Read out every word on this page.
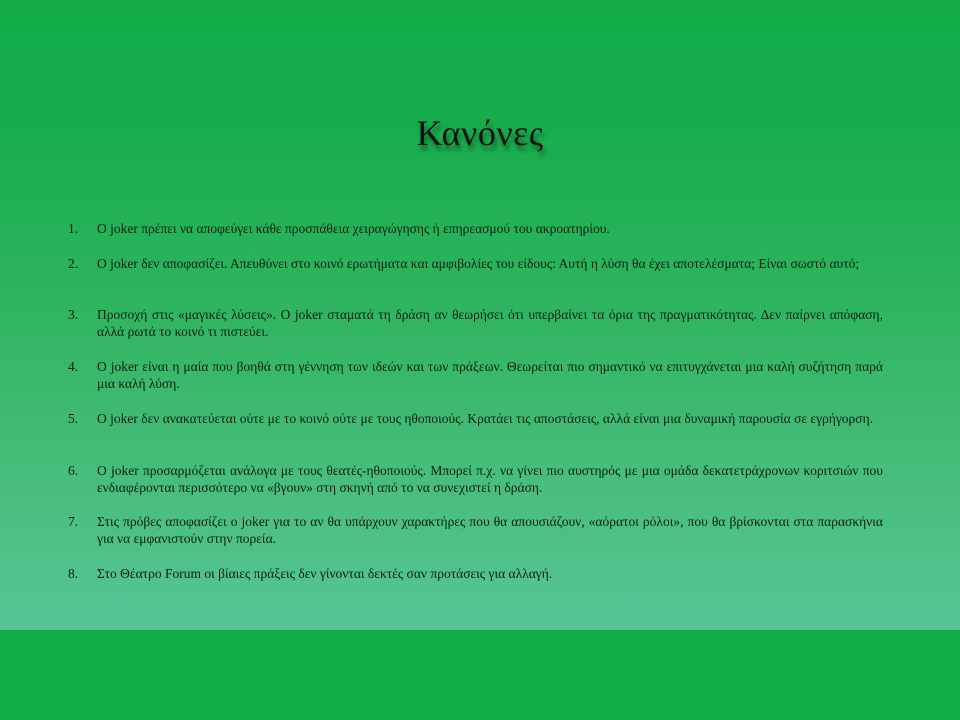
Κανόνες
1.	Ο joker πρέπει να αποφεύγει κάθε προσπάθεια χειραγώγησης ή επηρεασμού του ακροατηρίου.
2.	Ο joker δεν αποφασίζει. Απευθύνει στο κοινό ερωτήματα και αμφιβολίες του είδους: Αυτή η λύση θα έχει αποτελέσματα; Είναι σωστό αυτό;
3.	Προσοχή στις «μαγικές λύσεις». Ο joker σταματά τη δράση αν θεωρήσει ότι υπερβαίνει τα όρια της πραγματικότητας. Δεν παίρνει απόφαση, αλλά ρωτά το κοινό τι πιστεύει.
4.	Ο joker είναι η μαία που βοηθά στη γέννηση των ιδεών και των πράξεων. Θεωρείται πιο σημαντικό να επιτυγχάνεται μια καλή συζήτηση παρά μια καλή λύση.
5.	Ο joker δεν ανακατεύεται ούτε με το κοινό ούτε με τους ηθοποιούς. Κρατάει τις αποστάσεις, αλλά είναι μια δυναμική παρουσία σε εγρήγορση.
6.	Ο joker προσαρμόζεται ανάλογα με τους θεατές-ηθοποιούς. Μπορεί π.χ. να γίνει πιο αυστηρός με μια ομάδα δεκατετράχρονων κοριτσιών που ενδιαφέρονται περισσότερο να «βγουν» στη σκηνή από το να συνεχιστεί η δράση.
7.	Στις πρόβες αποφασίζει ο joker για το αν θα υπάρχουν χαρακτήρες που θα απουσιάζουν, «αόρατοι ρόλοι», που θα βρίσκονται στα παρασκήνια για να εμφανιστούν στην πορεία.
8.	Στο Θέατρο Forum οι βίαιες πράξεις δεν γίνονται δεκτές σαν προτάσεις για αλλαγή.
